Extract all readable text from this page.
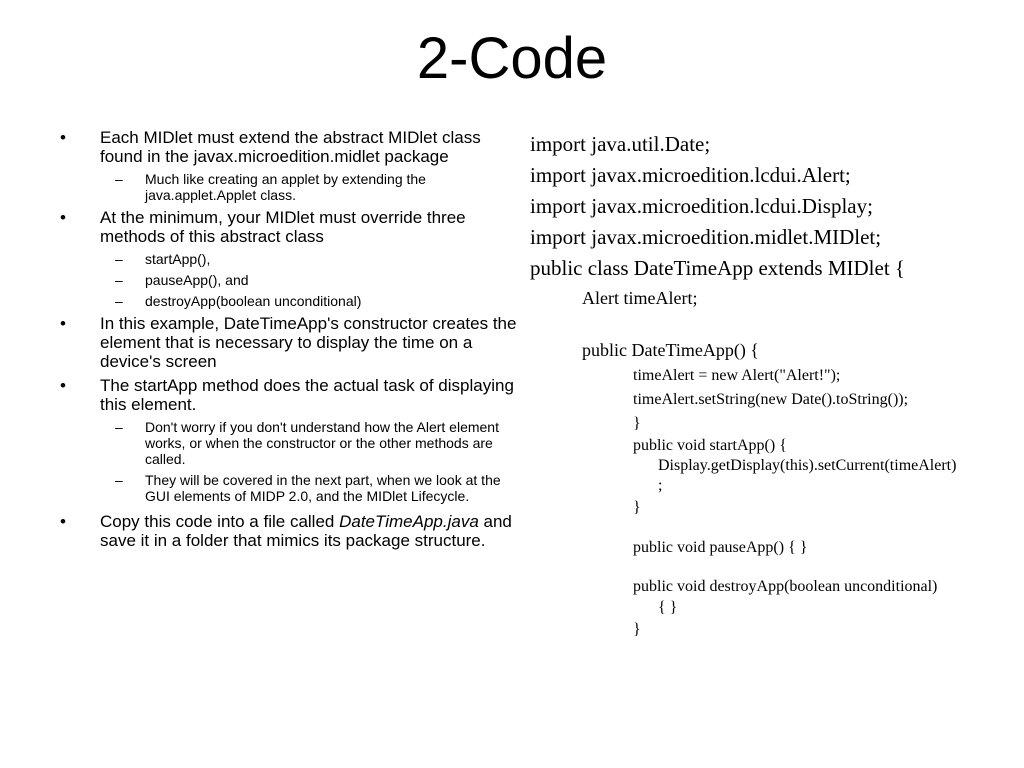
2-Code
• Each MIDlet must extend the abstract MIDlet class found in the javax.microedition.midlet package
– Much like creating an applet by extending the java.applet.Applet class.
• At the minimum, your MIDlet must override three methods of this abstract class
– startApp(),
– pauseApp(), and
– destroyApp(boolean unconditional)
• In this example, DateTimeApp's constructor creates the element that is necessary to display the time on a device's screen
• The startApp method does the actual task of displaying this element.
– Don't worry if you don't understand how the Alert element works, or when the constructor or the other methods are called.
– They will be covered in the next part, when we look at the GUI elements of MIDP 2.0, and the MIDlet Lifecycle.
• Copy this code into a file called DateTimeApp.java and save it in a folder that mimics its package structure.
import java.util.Date;
import javax.microedition.lcdui.Alert;
import javax.microedition.lcdui.Display;
import javax.microedition.midlet.MIDlet;
public class DateTimeApp extends MIDlet {
Alert timeAlert;
public DateTimeApp() {
timeAlert = new Alert("Alert!");
timeAlert.setString(new Date().toString());
}
public void startApp() {
Display.getDisplay(this).setCurrent(timeAlert)
;
}
public void pauseApp() { }
public void destroyApp(boolean unconditional)
{ }
}
